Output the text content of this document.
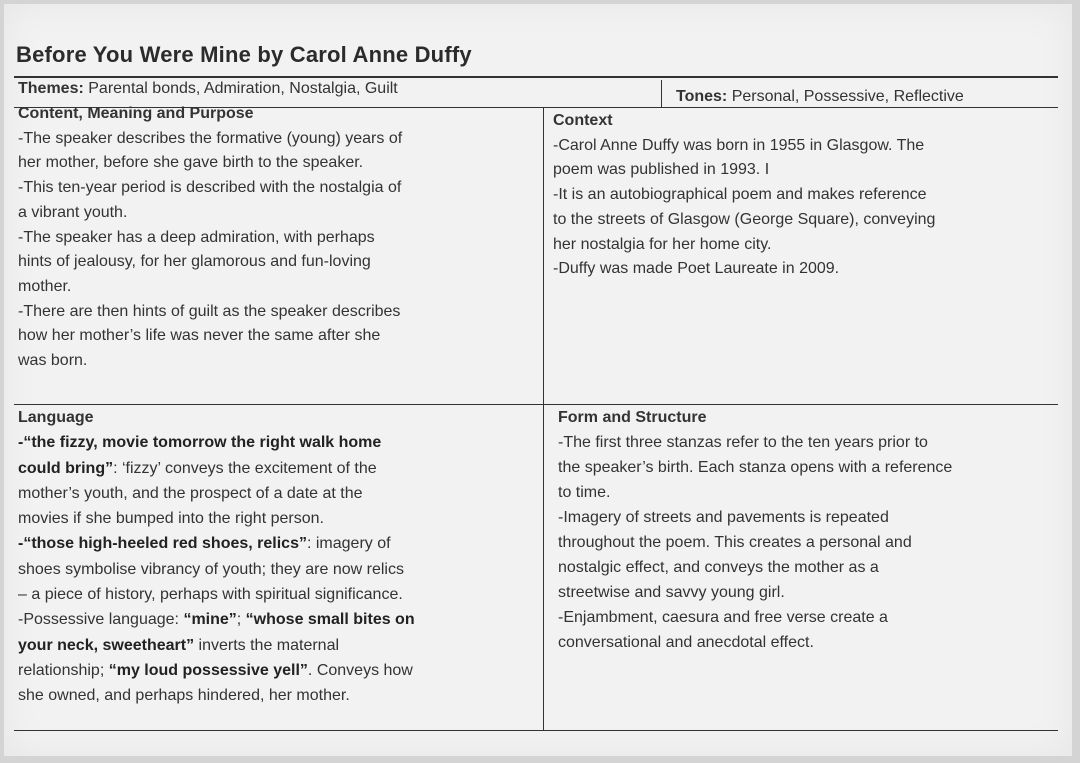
Before You Were Mine by Carol Anne Duffy
Themes: Parental bonds, Admiration, Nostalgia, Guilt	Tones: Personal, Possessive, Reflective
Content, Meaning and Purpose
-The speaker describes the formative (young) years of
her mother, before she gave birth to the speaker.
-This ten-year period is described with the nostalgia of
a vibrant youth.
-The speaker has a deep admiration, with perhaps
hints of jealousy, for her glamorous and fun-loving
mother.
-There are then hints of guilt as the speaker describes
how her mother’s life was never the same after she
was born.
Context
-Carol Anne Duffy was born in 1955 in Glasgow. The
poem was published in 1993. I
-It is an autobiographical poem and makes reference
to the streets of Glasgow (George Square), conveying
her nostalgia for her home city.
-Duffy was made Poet Laureate in 2009.
Language
-“the fizzy, movie tomorrow the right walk home
could bring”: ‘fizzy’ conveys the excitement of the
mother’s youth, and the prospect of a date at the
movies if she bumped into the right person.
-“those high-heeled red shoes, relics”: imagery of
shoes symbolise vibrancy of youth; they are now relics
– a piece of history, perhaps with spiritual significance.
-Possessive language: “mine”; “whose small bites on
your neck, sweetheart” inverts the maternal
relationship; “my loud possessive yell”. Conveys how
she owned, and perhaps hindered, her mother.
Form and Structure
-The first three stanzas refer to the ten years prior to
the speaker’s birth. Each stanza opens with a reference
to time.
-Imagery of streets and pavements is repeated
throughout the poem. This creates a personal and
nostalgic effect, and conveys the mother as a
streetwise and savvy young girl.
-Enjambment, caesura and free verse create a
conversational and anecdotal effect.
